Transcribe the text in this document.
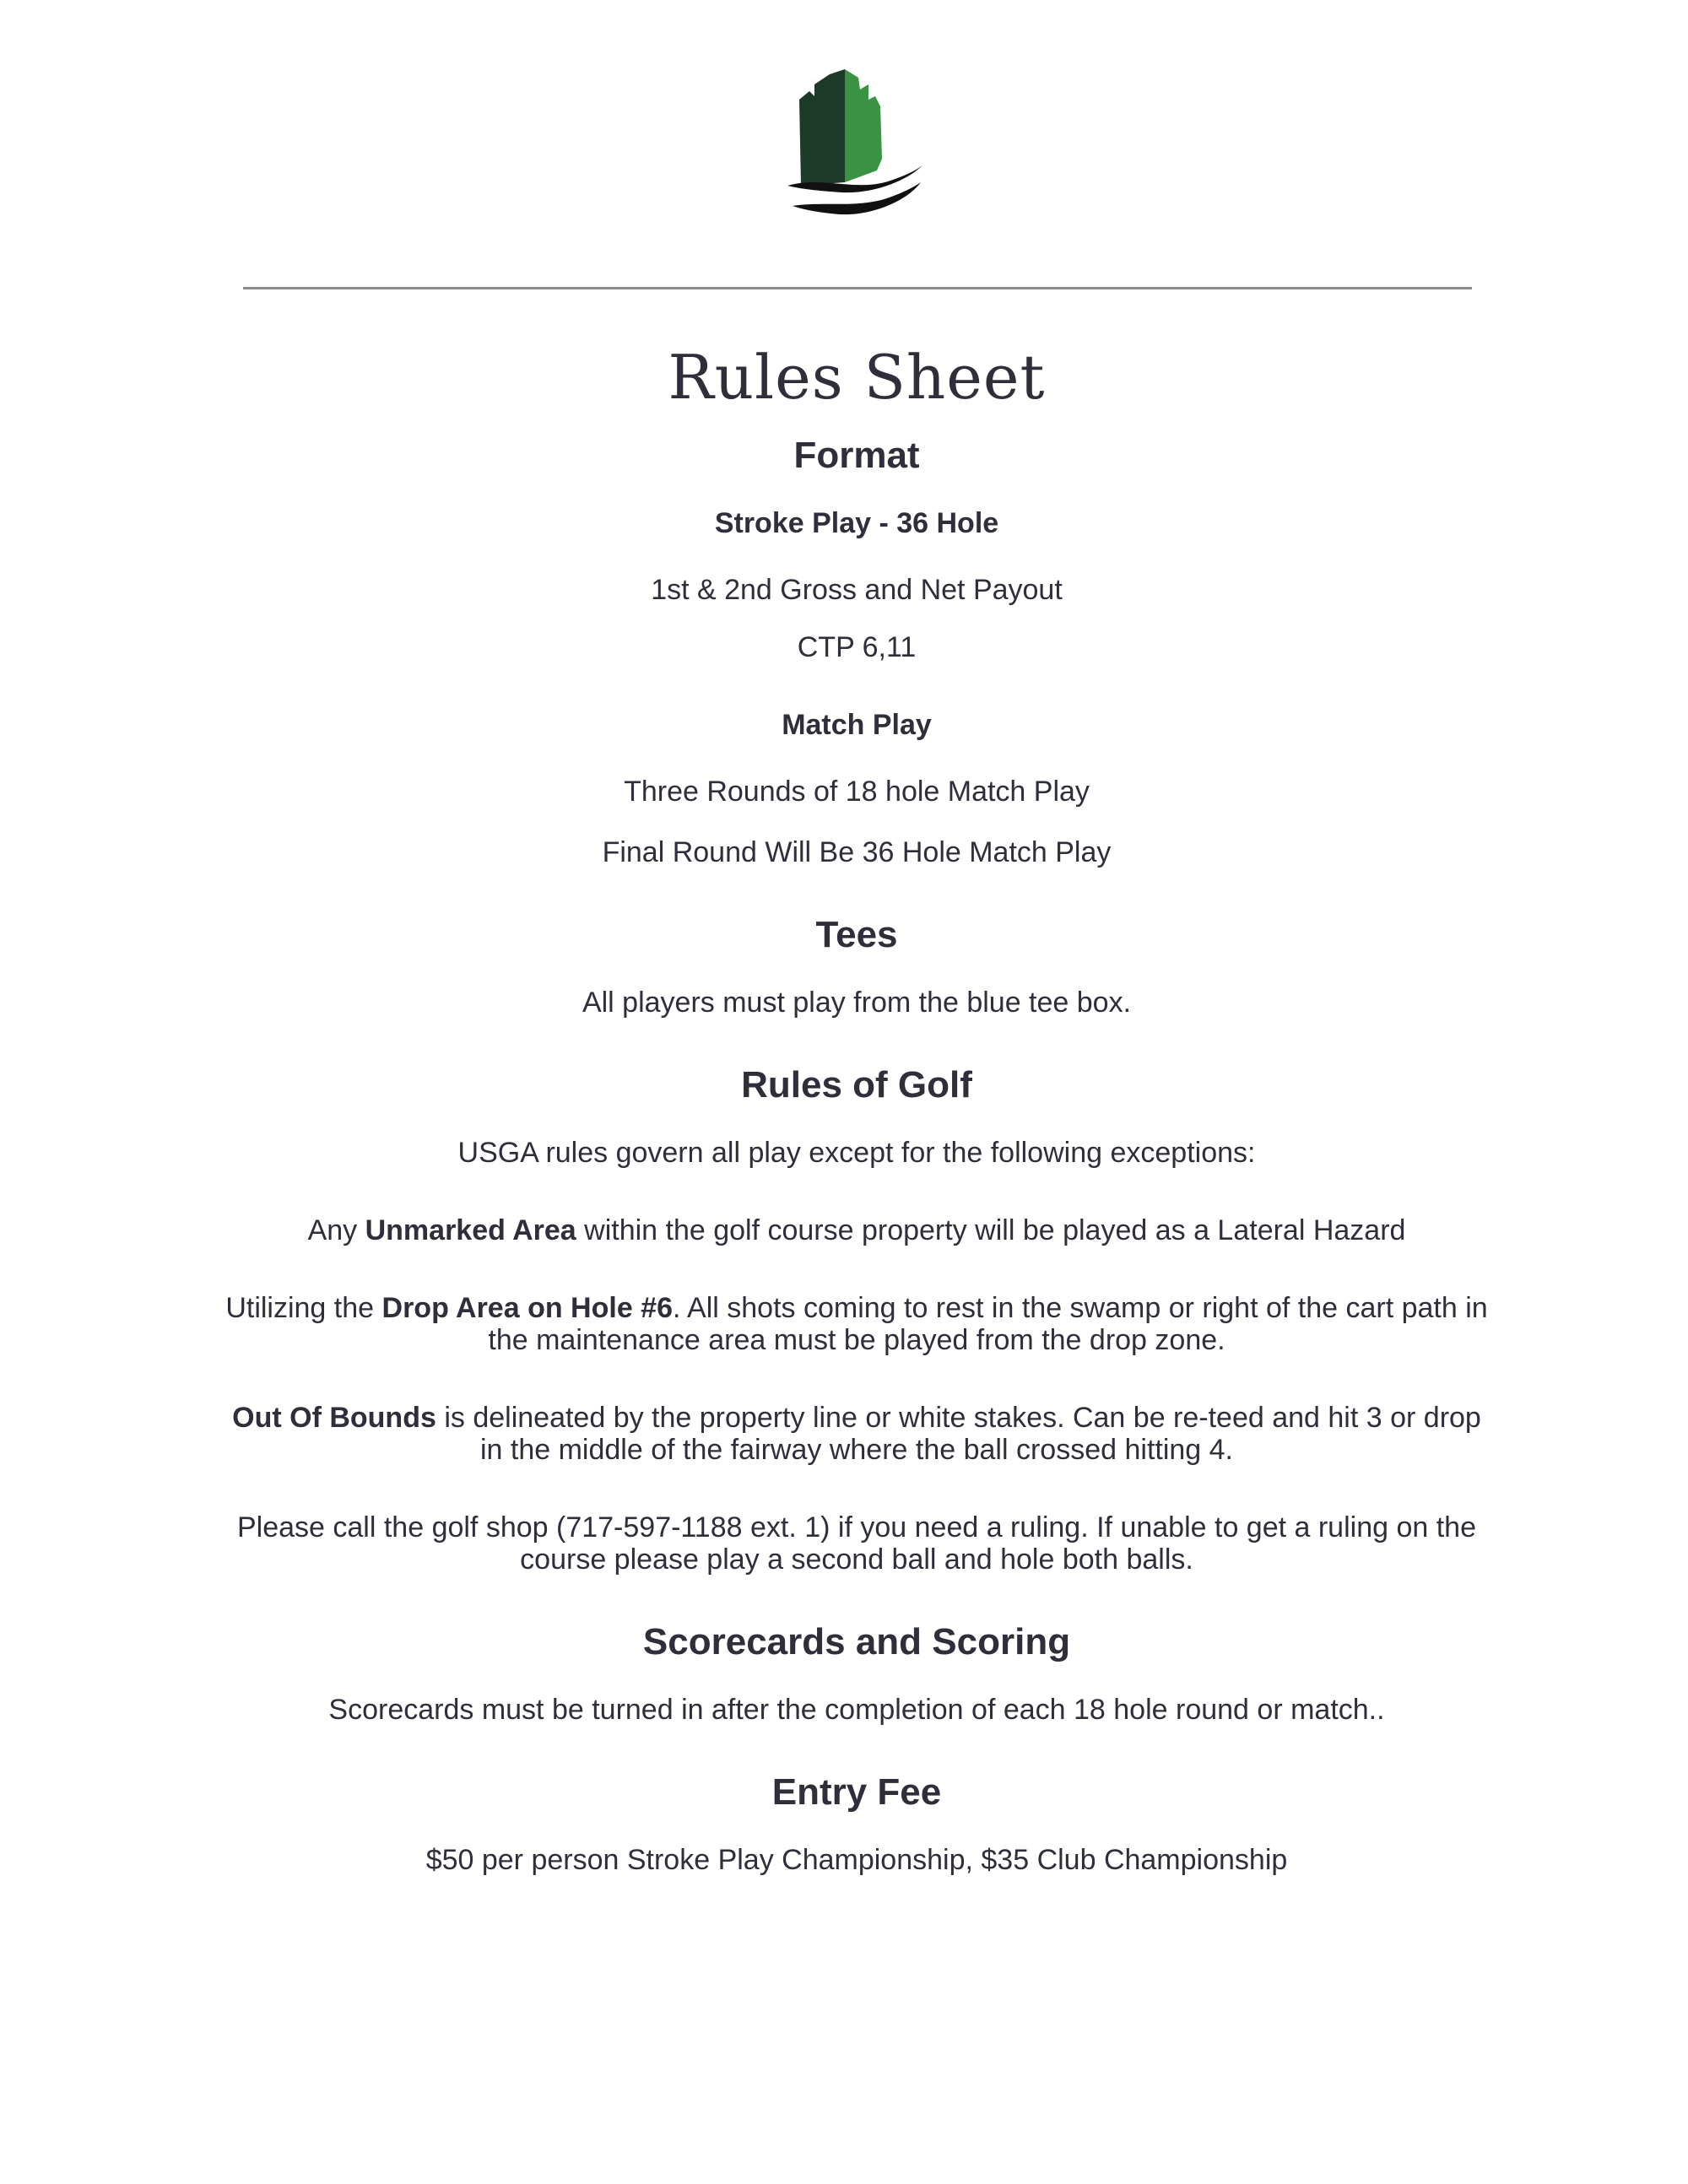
Rules Sheet
Format
Stroke Play - 36 Hole
1st & 2nd Gross and Net Payout
CTP 6,11
Match Play
Three Rounds of 18 hole Match Play
Final Round Will Be 36 Hole Match Play
Tees
All players must play from the blue tee box.
Rules of Golf
USGA rules govern all play except for the following exceptions:
Any Unmarked Area within the golf course property will be played as a Lateral Hazard
Utilizing the Drop Area on Hole #6. All shots coming to rest in the swamp or right of the cart path in the maintenance area must be played from the drop zone.
Out Of Bounds is delineated by the property line or white stakes. Can be re-teed and hit 3 or drop in the middle of the fairway where the ball crossed hitting 4.
Please call the golf shop (717-597-1188 ext. 1) if you need a ruling. If unable to get a ruling on the course please play a second ball and hole both balls.
Scorecards and Scoring
Scorecards must be turned in after the completion of each 18 hole round or match..
Entry Fee
$50 per person Stroke Play Championship, $35 Club Championship
